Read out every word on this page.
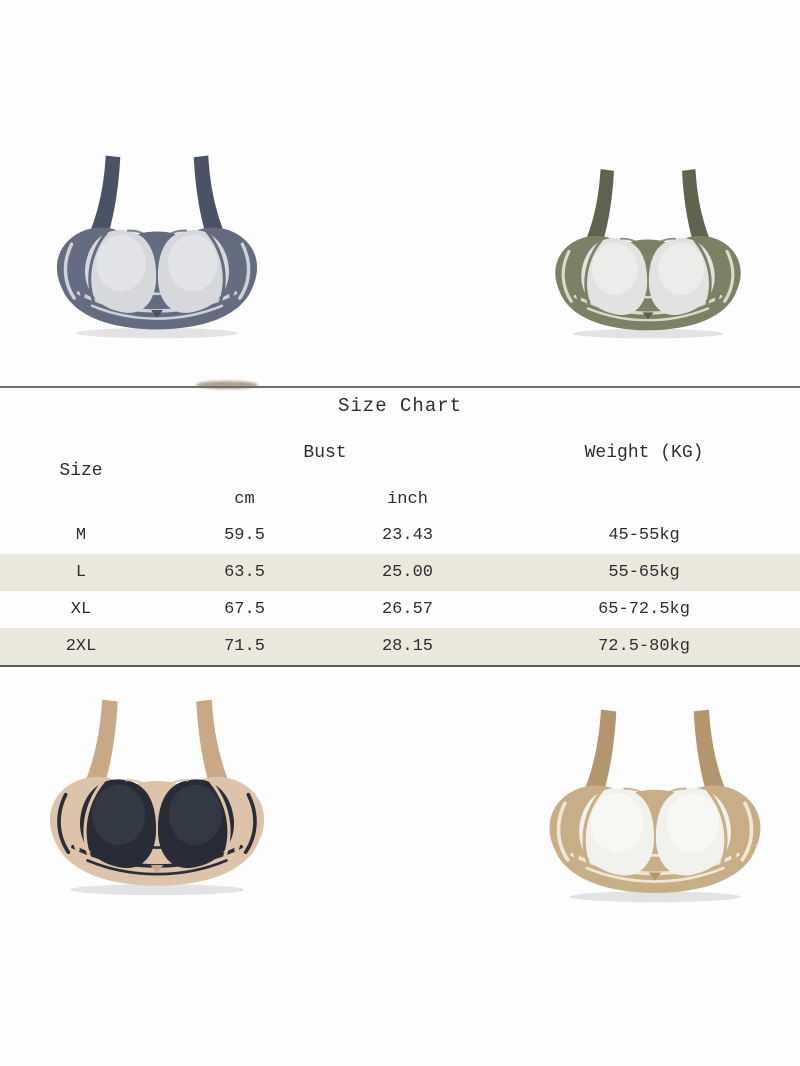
Size Chart				
Size	Bust		Weight (KG)	
	cm	inch		
M	59.5	23.43	45-55kg	
L	63.5	25.00	55-65kg	
XL	67.5	26.57	65-72.5kg	
2XL	71.5	28.15	72.5-80kg	
